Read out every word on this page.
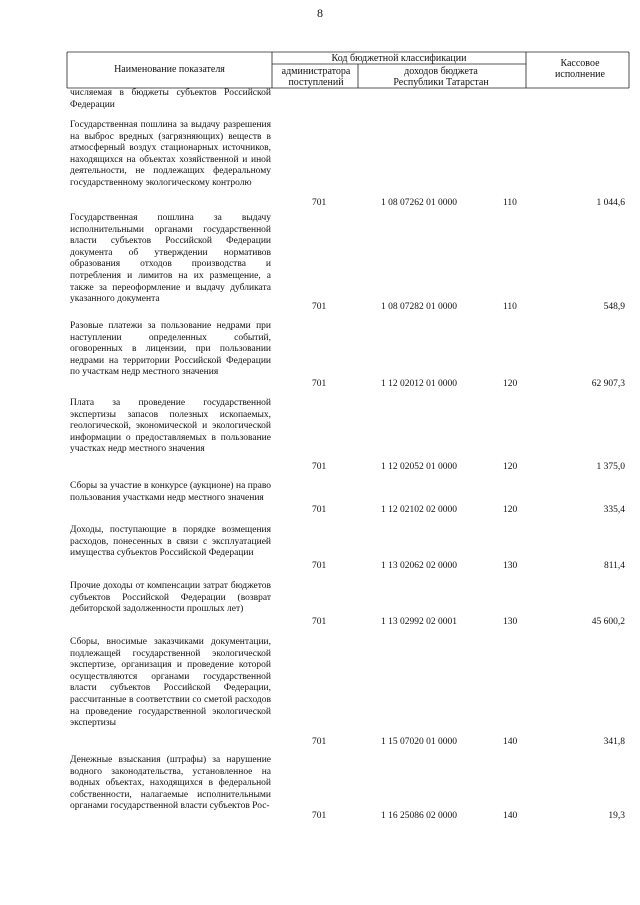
8
Наименование показателя
Код бюджетной классификации
администратора поступлений
доходов бюджета Республики Татарстан
Кассовое исполнение
числяемая в бюджеты субъектов Российской Федерации
Государственная пошлина за выдачу разрешения на выброс вредных (загрязняющих) веществ в атмосферный воздух стационарных источников, находящихся на объектах хозяйственной и иной деятельности, не подлежащих федеральному государственному экологическому контролю
701	1 08 07262 01 0000	110	1 044,6
Государственная пошлина за выдачу исполнительными органами государственной власти субъектов Российской Федерации документа об утверждении нормативов образования отходов производства и потребления и лимитов на их размещение, а также за переоформление и выдачу дубликата указанного документа
701	1 08 07282 01 0000	110	548,9
Разовые платежи за пользование недрами при наступлении определенных событий, оговоренных в лицензии, при пользовании недрами на территории Российской Федерации по участкам недр местного значения
701	1 12 02012 01 0000	120	62 907,3
Плата за проведение государственной экспертизы запасов полезных ископаемых, геологической, экономической и экологической информации о предоставляемых в пользование участках недр местного значения
701	1 12 02052 01 0000	120	1 375,0
Сборы за участие в конкурсе (аукционе) на право пользования участками недр местного значения
701	1 12 02102 02 0000	120	335,4
Доходы, поступающие в порядке возмещения расходов, понесенных в связи с эксплуатацией имущества субъектов Российской Федерации
701	1 13 02062 02 0000	130	811,4
Прочие доходы от компенсации затрат бюджетов субъектов Российской Федерации (возврат дебиторской задолженности прошлых лет)
701	1 13 02992 02 0001	130	45 600,2
Сборы, вносимые заказчиками документации, подлежащей государственной экологической экспертизе, организация и проведение которой осуществляются органами государственной власти субъектов Российской Федерации, рассчитанные в соответствии со сметой расходов на проведение государственной экологической экспертизы
701	1 15 07020 01 0000	140	341,8
Денежные взыскания (штрафы) за нарушение водного законодательства, установленное на водных объектах, находящихся в федеральной собственности, налагаемые исполнительными органами государственной власти субъектов Рос-
701	1 16 25086 02 0000	140	19,3
